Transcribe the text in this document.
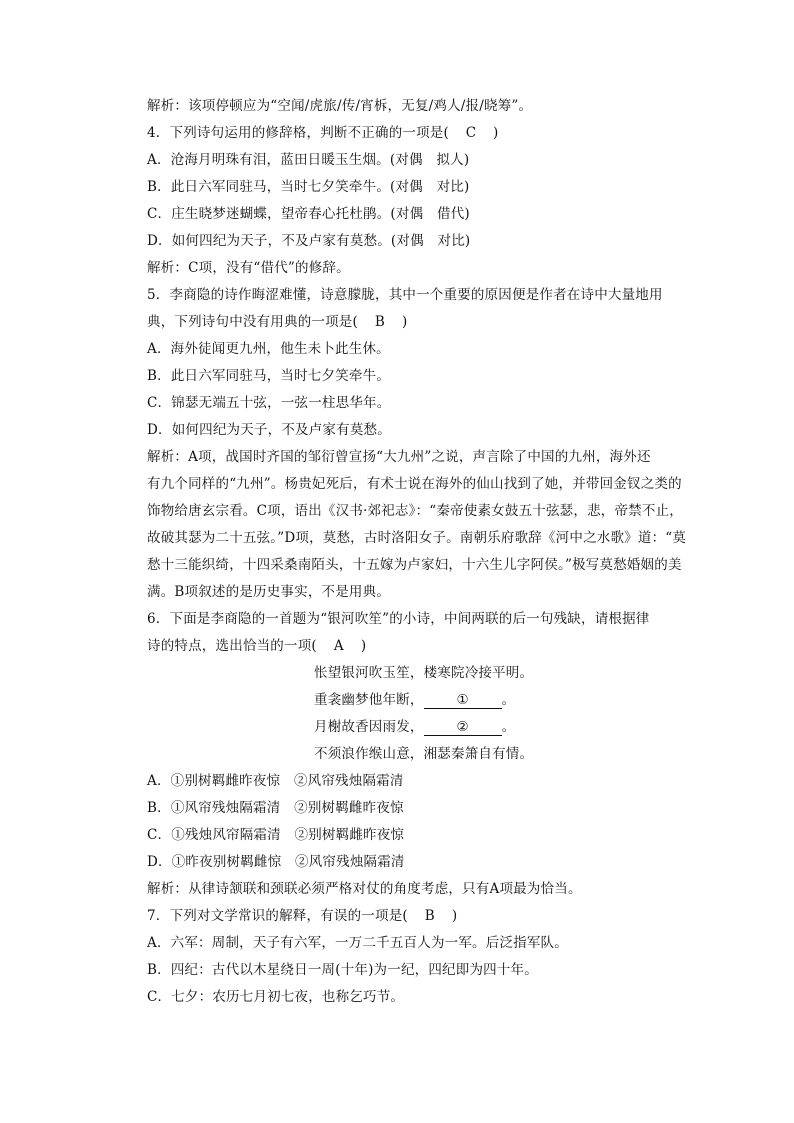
解析：该项停顿应为“空闻/虎旅/传/宵柝，无复/鸡人/报/晓筹”。
4．下列诗句运用的修辞格，判断不正确的一项是( C )
A．沧海月明珠有泪，蓝田日暖玉生烟。(对偶　拟人)
B．此日六军同驻马，当时七夕笑牵牛。(对偶　对比)
C．庄生晓梦迷蝴蝶，望帝春心托杜鹃。(对偶　借代)
D．如何四纪为天子，不及卢家有莫愁。(对偶　对比)
解析：C项，没有“借代”的修辞。
5．李商隐的诗作晦涩难懂，诗意朦胧，其中一个重要的原因便是作者在诗中大量地用
典，下列诗句中没有用典的一项是( B )
A．海外徒闻更九州，他生未卜此生休。
B．此日六军同驻马，当时七夕笑牵牛。
C．锦瑟无端五十弦，一弦一柱思华年。
D．如何四纪为天子，不及卢家有莫愁。
解析：A项，战国时齐国的邹衍曾宣扬“大九州”之说，声言除了中国的九州，海外还
有九个同样的“九州”。杨贵妃死后，有术士说在海外的仙山找到了她，并带回金钗之类的
饰物给唐玄宗看。C项，语出《汉书·郊祀志》：“秦帝使素女鼓五十弦瑟，悲，帝禁不止，
故破其瑟为二十五弦。”D项，莫愁，古时洛阳女子。南朝乐府歌辞《河中之水歌》道：“莫
愁十三能织绮，十四采桑南陌头，十五嫁为卢家妇，十六生儿字阿侯。”极写莫愁婚姻的美
满。B项叙述的是历史事实，不是用典。
6．下面是李商隐的一首题为“银河吹笙”的小诗，中间两联的后一句残缺，请根据律
诗的特点，选出恰当的一项( A )
怅望银河吹玉笙，楼寒院冷接平明。
重衾幽梦他年断， ① 。
月榭故香因雨发， ② 。
不须浪作缑山意，湘瑟秦箫自有情。
A．①别树羁雌昨夜惊　②风帘残烛隔霜清
B．①风帘残烛隔霜清　②别树羁雌昨夜惊
C．①残烛风帘隔霜清　②别树羁雌昨夜惊
D．①昨夜别树羁雌惊　②风帘残烛隔霜清
解析：从律诗颔联和颈联必须严格对仗的角度考虑，只有A项最为恰当。
7．下列对文学常识的解释，有误的一项是( B )
A．六军：周制，天子有六军，一万二千五百人为一军。后泛指军队。
B．四纪：古代以木星绕日一周(十年)为一纪，四纪即为四十年。
C．七夕：农历七月初七夜，也称乞巧节。
